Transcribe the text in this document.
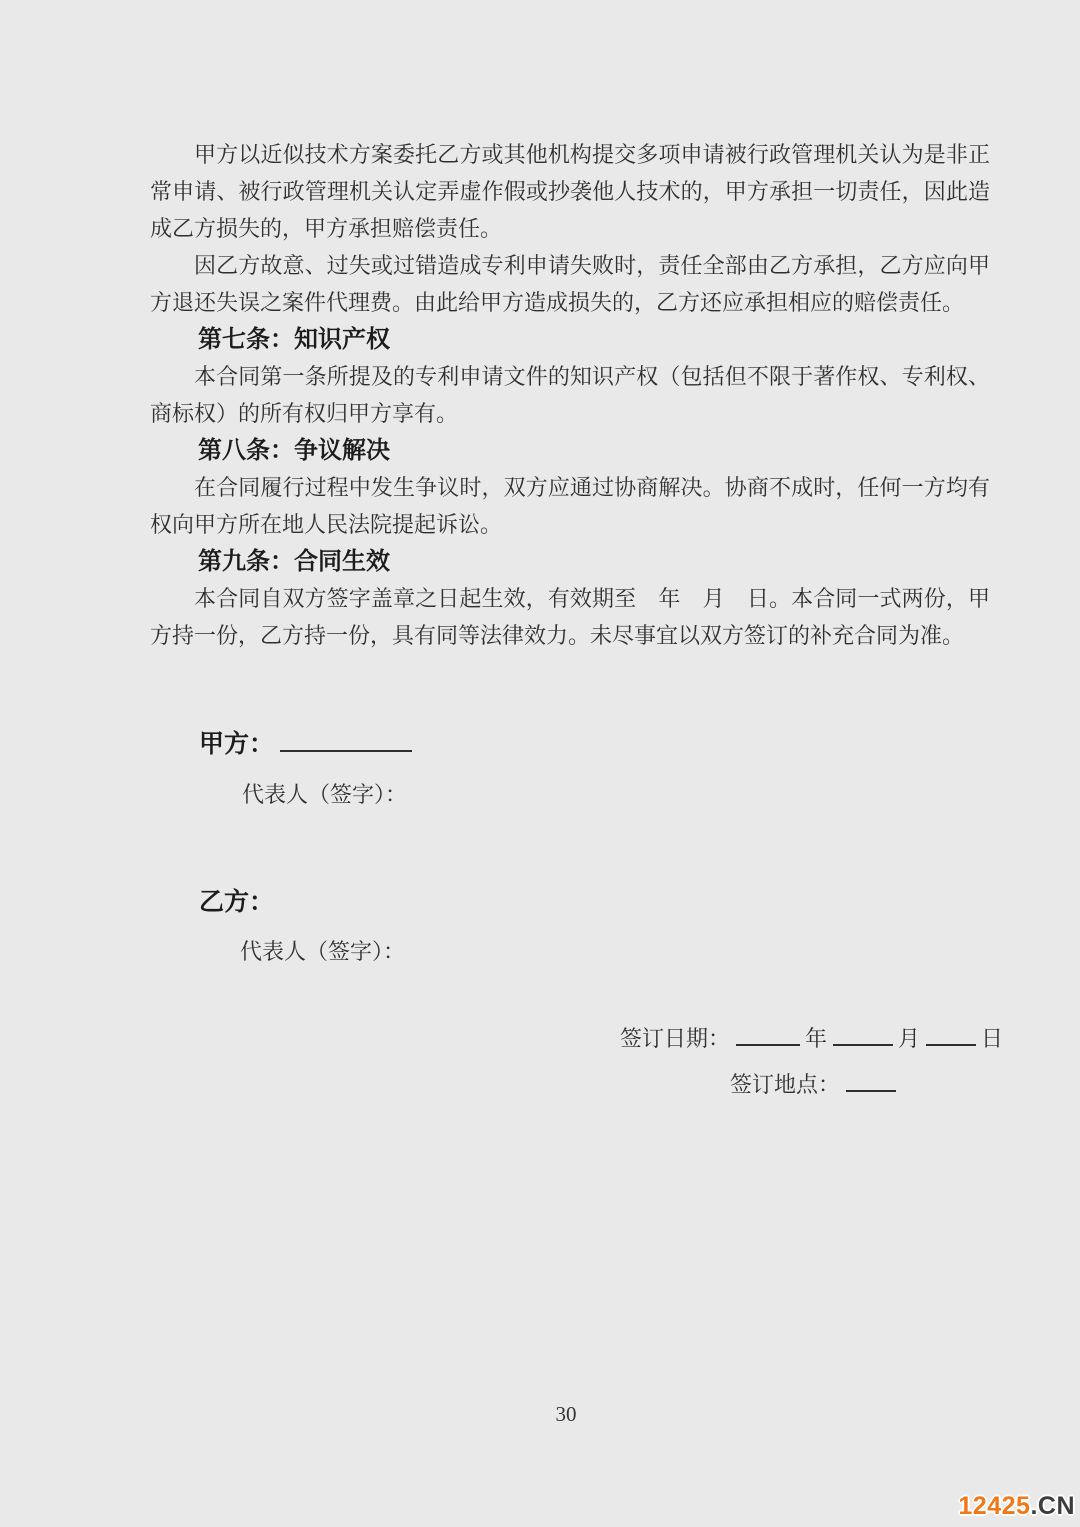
甲方以近似技术方案委托乙方或其他机构提交多项申请被行政管理机关认为是非正常申请、被行政管理机关认定弄虚作假或抄袭他人技术的，甲方承担一切责任，因此造成乙方损失的，甲方承担赔偿责任。

因乙方故意、过失或过错造成专利申请失败时，责任全部由乙方承担，乙方应向甲方退还失误之案件代理费。由此给甲方造成损失的，乙方还应承担相应的赔偿责任。

第七条：知识产权

本合同第一条所提及的专利申请文件的知识产权（包括但不限于著作权、专利权、商标权）的所有权归甲方享有。

第八条：争议解决

在合同履行过程中发生争议时，双方应通过协商解决。协商不成时，任何一方均有权向甲方所在地人民法院提起诉讼。

第九条：合同生效

本合同自双方签字盖章之日起生效，有效期至　年　月　日。本合同一式两份，甲方持一份，乙方持一份，具有同等法律效力。未尽事宜以双方签订的补充合同为准。

甲方：
代表人（签字）：
乙方：
代表人（签字）：
签订日期：	年	月	日
签订地点：
30
12425.CN
